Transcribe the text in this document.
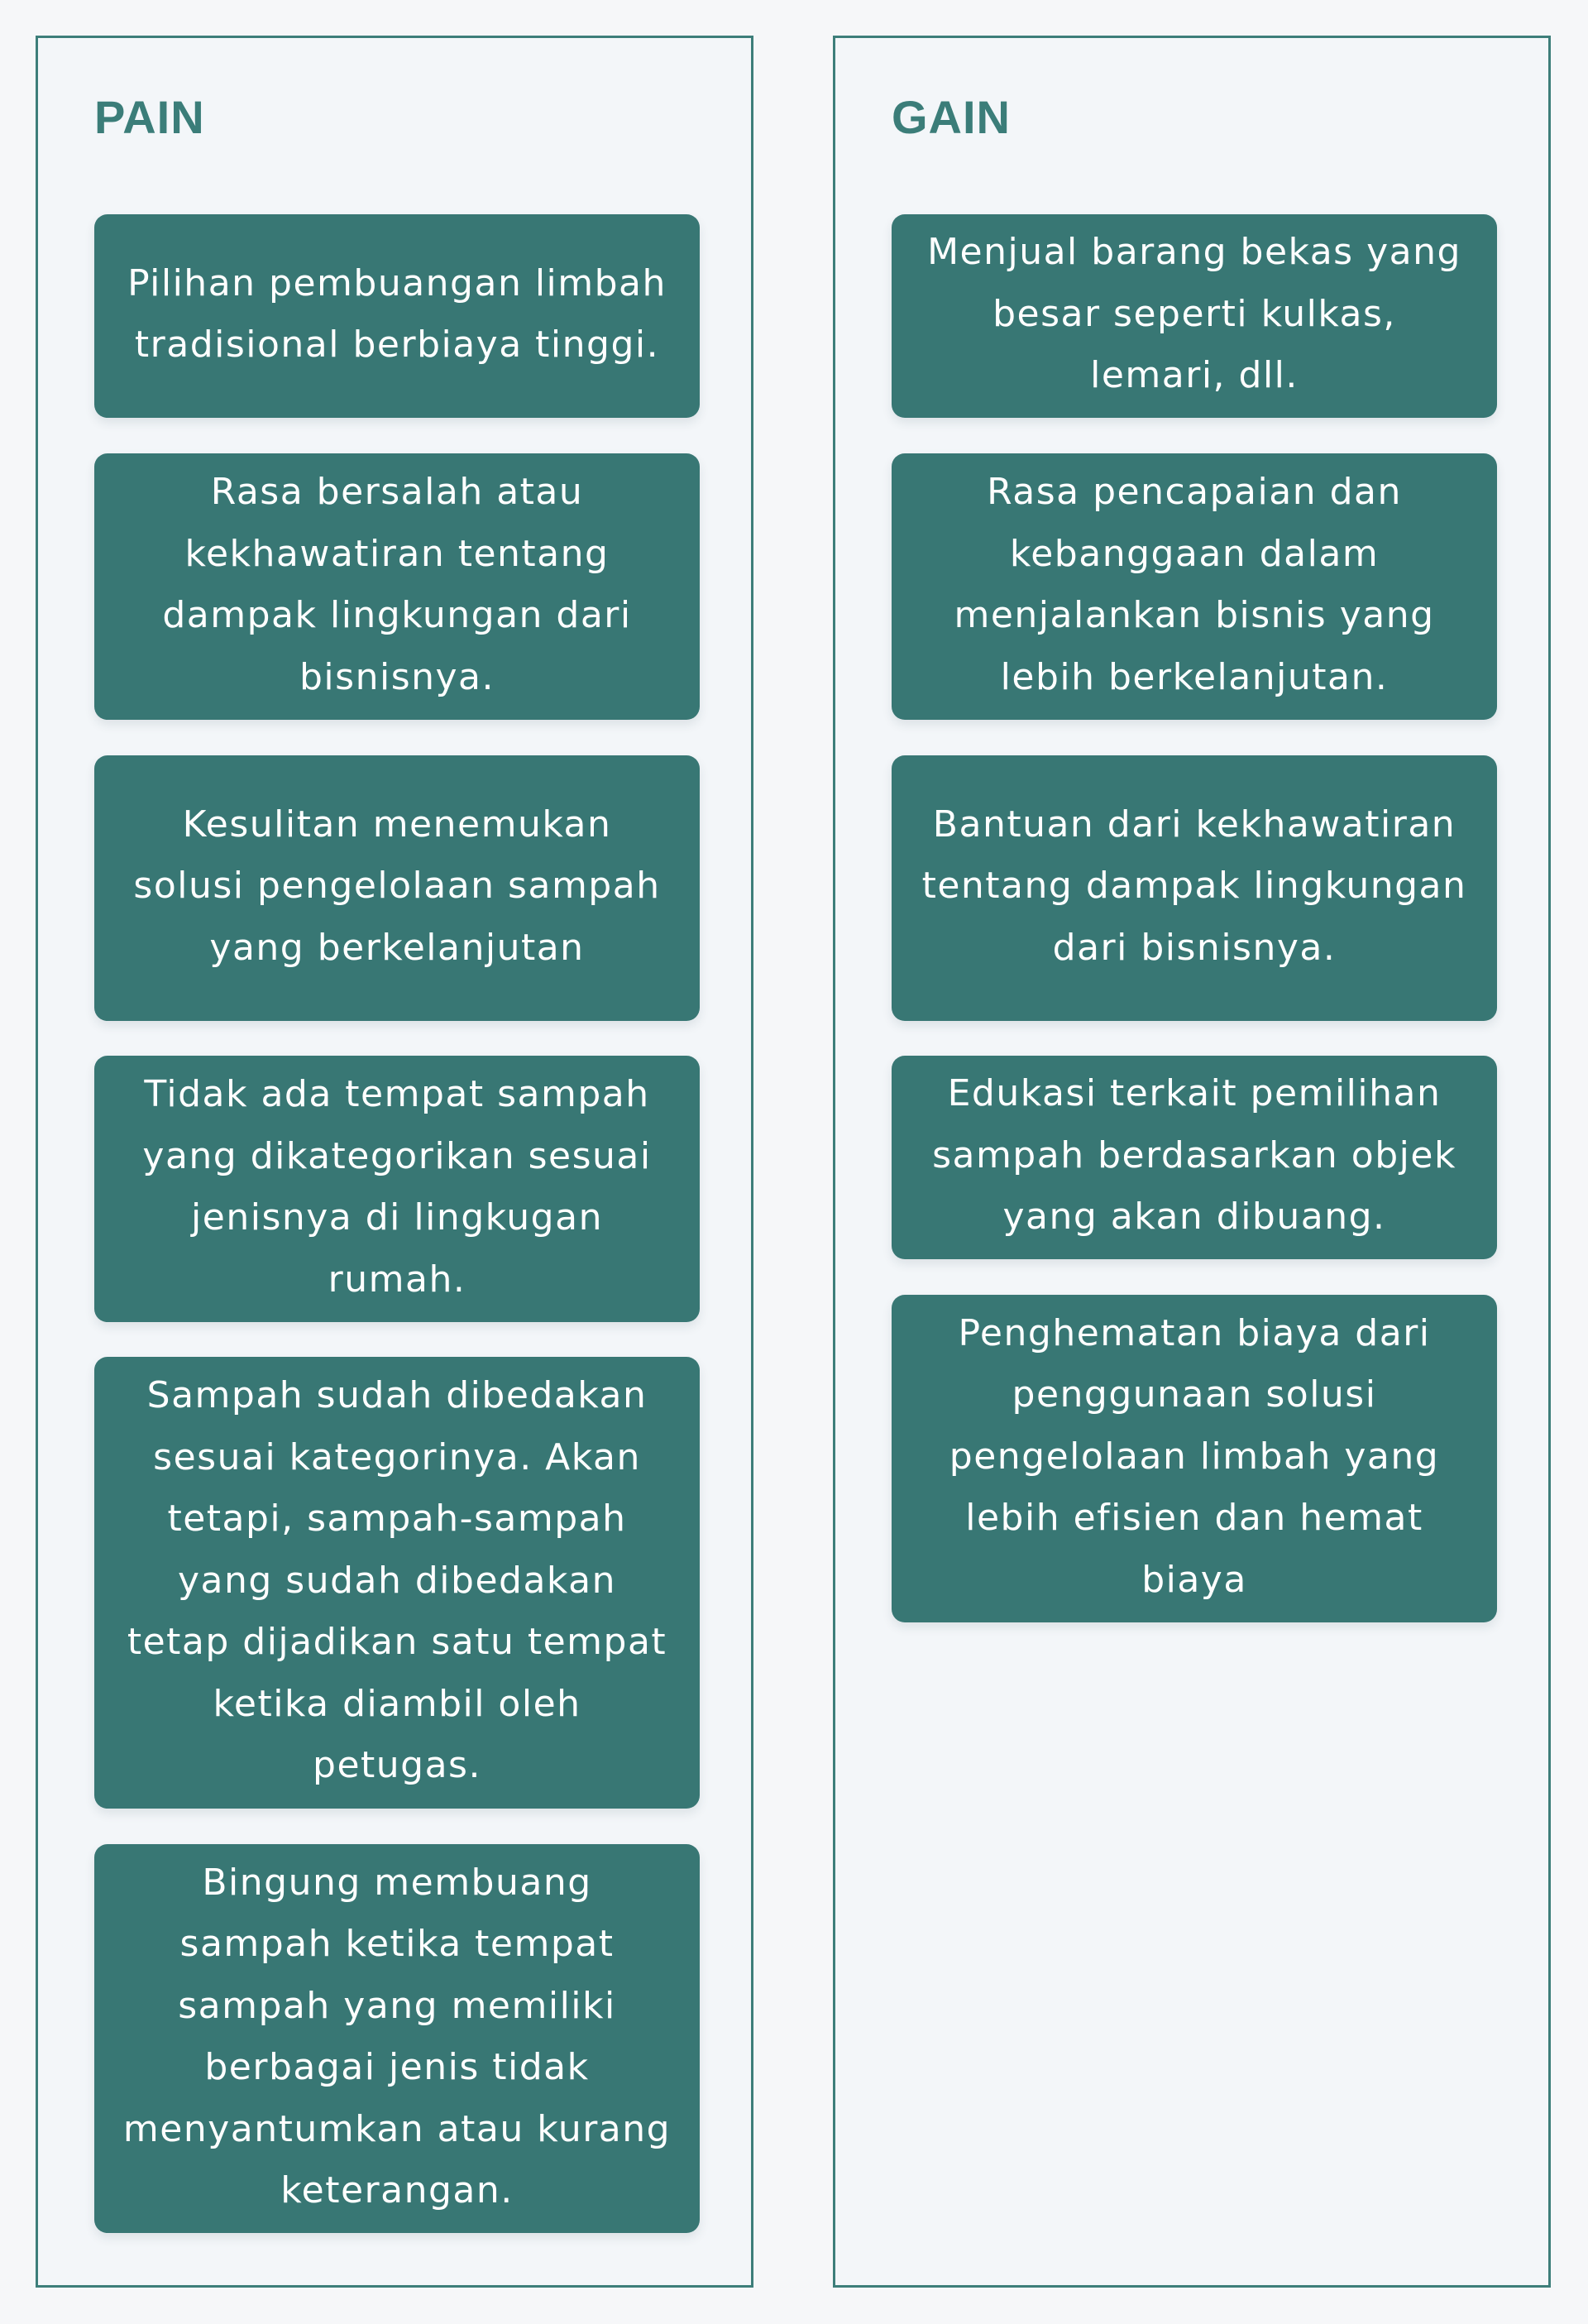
PAIN
Pilihan pembuangan limbah tradisional berbiaya tinggi.
Rasa bersalah atau kekhawatiran tentang dampak lingkungan dari bisnisnya.
Kesulitan menemukan solusi pengelolaan sampah yang berkelanjutan
Tidak ada tempat sampah yang dikategorikan sesuai jenisnya di lingkugan rumah.
Sampah sudah dibedakan sesuai kategorinya. Akan tetapi, sampah-sampah yang sudah dibedakan tetap dijadikan satu tempat ketika diambil oleh petugas.
Bingung membuang sampah ketika tempat sampah yang memiliki berbagai jenis tidak menyantumkan atau kurang keterangan.
GAIN
Menjual barang bekas yang besar seperti kulkas, lemari, dll.
Rasa pencapaian dan kebanggaan dalam menjalankan bisnis yang lebih berkelanjutan.
Bantuan dari kekhawatiran tentang dampak lingkungan dari bisnisnya.
Edukasi terkait pemilihan sampah berdasarkan objek yang akan dibuang.
Penghematan biaya dari penggunaan solusi pengelolaan limbah yang lebih efisien dan hemat biaya
